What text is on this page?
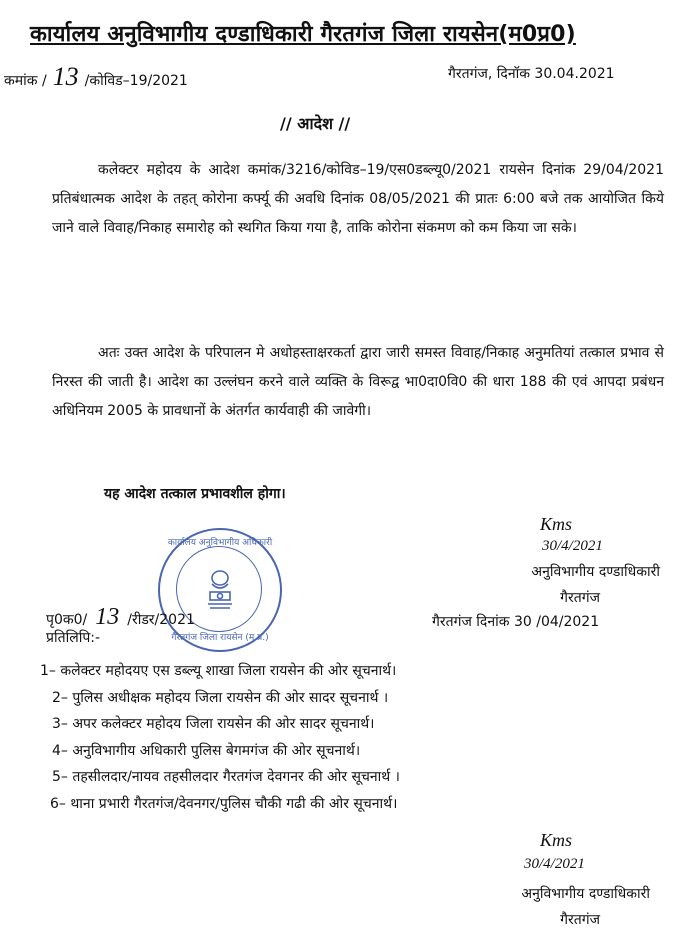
कार्यालय अनुविभागीय दण्डाधिकारी गैरतगंज जिला रायसेन(म0प्र0)
कमांक / 13 /कोविड–19/2021	गैरतगंज, दिनॉक 30.04.2021
// आदेश //

कलेक्टर महोदय के आदेश कमांक/3216/कोविड–19/एस0डब्ल्यू0/2021 रायसेन दिनांक 29/04/2021 प्रतिबंधात्मक आदेश के तहत् कोरोना कर्फ्यू की अवधि दिनांक 08/05/2021 की प्रातः 6:00 बजे तक आयोजित किये जाने वाले विवाह/निकाह समारोह को स्थगित किया गया है, ताकि कोरोना संकमण को कम किया जा सके।

अतः उक्त आदेश के परिपालन मे अधोहस्ताक्षरकर्ता द्वारा जारी समस्त विवाह/निकाह अनुमतियां तत्काल प्रभाव से निरस्त की जाती है। आदेश का उल्लंघन करने वाले व्यक्ति के विरूद्व भा0दा0वि0 की धारा 188 की एवं आपदा प्रबंधन अधिनियम 2005 के प्रावधानों के अंतर्गत कार्यवाही की जावेगी।

यह आदेश तत्काल प्रभावशील होगा।
Kms
30/4/2021
अनुविभागीय दण्डाधिकारी
गैरतगंज
कार्यालय अनुविभागीय अधिकारी
गैरतगंज जिला रायसेन (म.प्र.)
पृ0क0/ 13 /रीडर/2021	गैरतगंज दिनांक 30 /04/2021
प्रतिलिपि:-
1– कलेक्टर महोदयए एस डब्ल्यू शाखा जिला रायसेन की ओर सूचनार्थ।
2– पुलिस अधीक्षक महोदय जिला रायसेन की ओर सादर सूचनार्थ ।
3– अपर कलेक्टर महोदय जिला रायसेन की ओर सादर सूचनार्थ।
4– अनुविभागीय अधिकारी पुलिस बेगमगंज की ओर सूचनार्थ।
5– तहसीलदार/नायव तहसीलदार गैरतगंज देवगनर की ओर सूचनार्थ ।
6– थाना प्रभारी गैरतगंज/देवनगर/पुलिस चौकी गढी की ओर सूचनार्थ।
Kms
30/4/2021
अनुविभागीय दण्डाधिकारी
गैरतगंज
